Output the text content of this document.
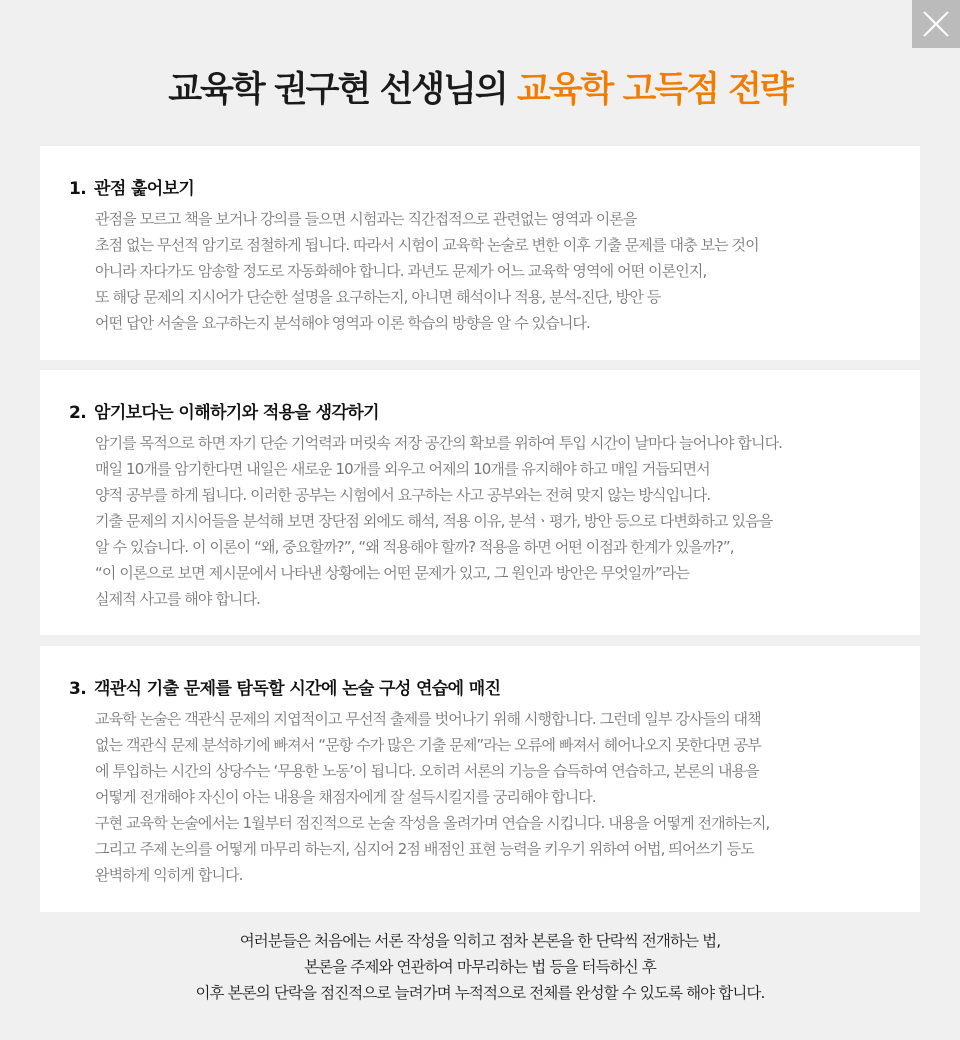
교육학 권구현 선생님의 교육학 고득점 전략
1. 관점 훑어보기
관점을 모르고 책을 보거나 강의를 들으면 시험과는 직간접적으로 관련없는 영역과 이론을
초점 없는 무선적 암기로 점철하게 됩니다. 따라서 시험이 교육학 논술로 변한 이후 기출 문제를 대충 보는 것이
아니라 자다가도 암송할 정도로 자동화해야 합니다. 과년도 문제가 어느 교육학 영역에 어떤 이론인지,
또 해당 문제의 지시어가 단순한 설명을 요구하는지, 아니면 해석이나 적용, 분석-진단, 방안 등
어떤 답안 서술을 요구하는지 분석해야 영역과 이론 학습의 방향을 알 수 있습니다.
2. 암기보다는 이해하기와 적용을 생각하기
암기를 목적으로 하면 자기 단순 기억력과 머릿속 저장 공간의 확보를 위하여 투입 시간이 날마다 늘어나야 합니다.
매일 10개를 암기한다면 내일은 새로운 10개를 외우고 어제의 10개를 유지해야 하고 매일 거듭되면서
양적 공부를 하게 됩니다. 이러한 공부는 시험에서 요구하는 사고 공부와는 전혀 맞지 않는 방식입니다.
기출 문제의 지시어들을 분석해 보면 장단점 외에도 해석, 적용 이유, 분석ㆍ평가, 방안 등으로 다변화하고 있음을
알 수 있습니다. 이 이론이 “왜, 중요할까?”, “왜 적용해야 할까? 적용을 하면 어떤 이점과 한계가 있을까?”,
“이 이론으로 보면 제시문에서 나타낸 상황에는 어떤 문제가 있고, 그 원인과 방안은 무엇일까”라는
실제적 사고를 해야 합니다.
3. 객관식 기출 문제를 탐독할 시간에 논술 구성 연습에 매진
교육학 논술은 객관식 문제의 지엽적이고 무선적 출제를 벗어나기 위해 시행합니다. 그런데 일부 강사들의 대책
없는 객관식 문제 분석하기에 빠져서 “문항 수가 많은 기출 문제”라는 오류에 빠져서 헤어나오지 못한다면 공부
에 투입하는 시간의 상당수는 ‘무용한 노동’이 됩니다. 오히려 서론의 기능을 습득하여 연습하고, 본론의 내용을
어떻게 전개해야 자신이 아는 내용을 채점자에게 잘 설득시킬지를 궁리해야 합니다.
구현 교육학 논술에서는 1월부터 점진적으로 논술 작성을 올려가며 연습을 시킵니다. 내용을 어떻게 전개하는지,
그리고 주제 논의를 어떻게 마무리 하는지, 심지어 2점 배점인 표현 능력을 키우기 위하여 어법, 띄어쓰기 등도
완벽하게 익히게 합니다.
여러분들은 처음에는 서론 작성을 익히고 점차 본론을 한 단락씩 전개하는 법,
본론을 주제와 연관하여 마무리하는 법 등을 터득하신 후
이후 본론의 단락을 점진적으로 늘려가며 누적적으로 전체를 완성할 수 있도록 해야 합니다.
